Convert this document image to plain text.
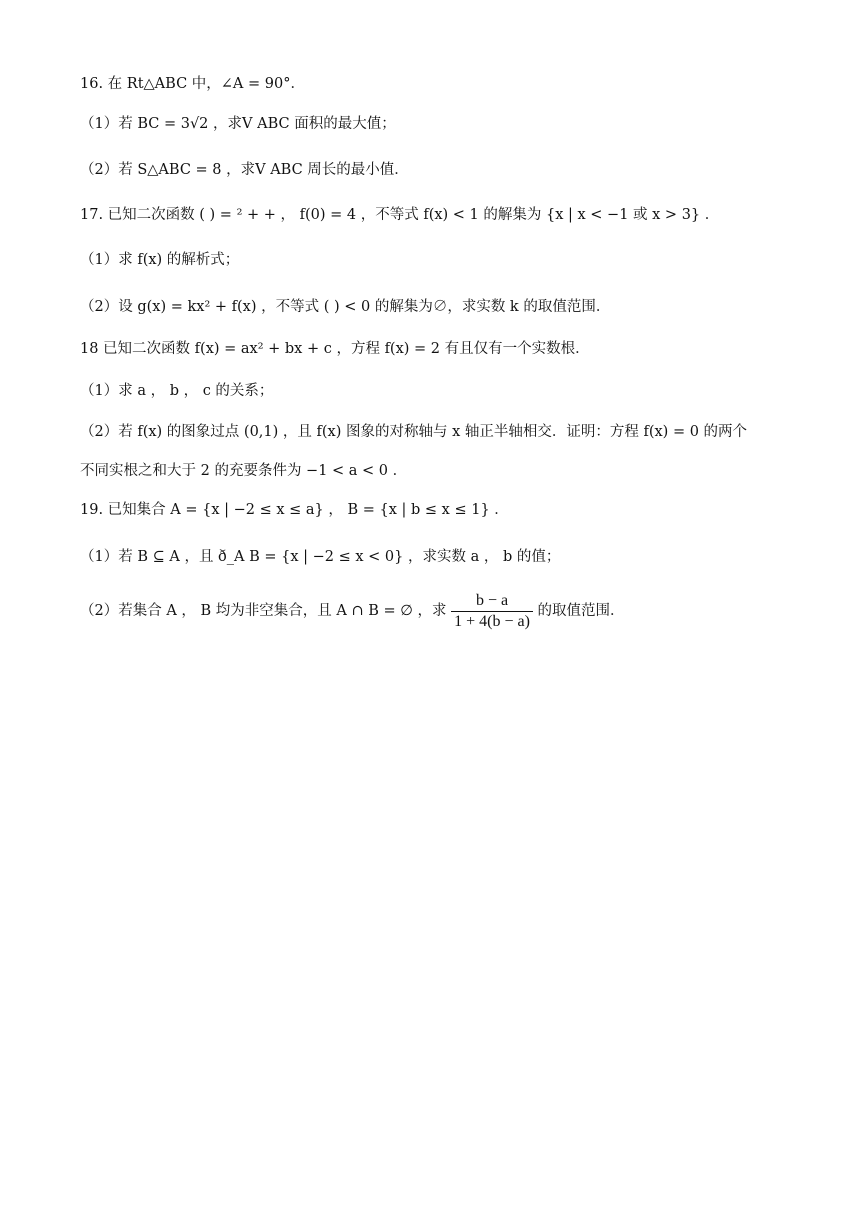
16. 在 Rt△ABC 中，∠A = 90°．
（1）若 BC = 3√2 ，求V ABC 面积的最大值；
（2）若 S△ABC = 8 ，求V ABC 周长的最小值．
17. 已知二次函数 ( ) = ² + + ， f(0) = 4 ，不等式 f(x) < 1 的解集为 {x | x < −1 或 x > 3} ．
（1）求 f(x) 的解析式；
（2）设 g(x) = kx² + f(x) ，不等式 ( ) < 0 的解集为∅，求实数 k 的取值范围．
18 已知二次函数 f(x) = ax² + bx + c ，方程 f(x) = 2 有且仅有一个实数根．
（1）求 a ， b ， c 的关系；
（2）若 f(x) 的图象过点 (0,1) ，且 f(x) 图象的对称轴与 x 轴正半轴相交．证明：方程 f(x) = 0 的两个
不同实根之和大于 2 的充要条件为 −1 < a < 0 ．
19. 已知集合 A = {x | −2 ≤ x ≤ a} ， B = {x | b ≤ x ≤ 1} ．
（1）若 B ⊆ A ，且 ð_A B = {x | −2 ≤ x < 0} ，求实数 a ， b 的值；
（2）若集合 A ， B 均为非空集合，且 A ∩ B = ∅ ，求 $\frac{b - a}{1 + 4(b - a)}$ 的取值范围．
